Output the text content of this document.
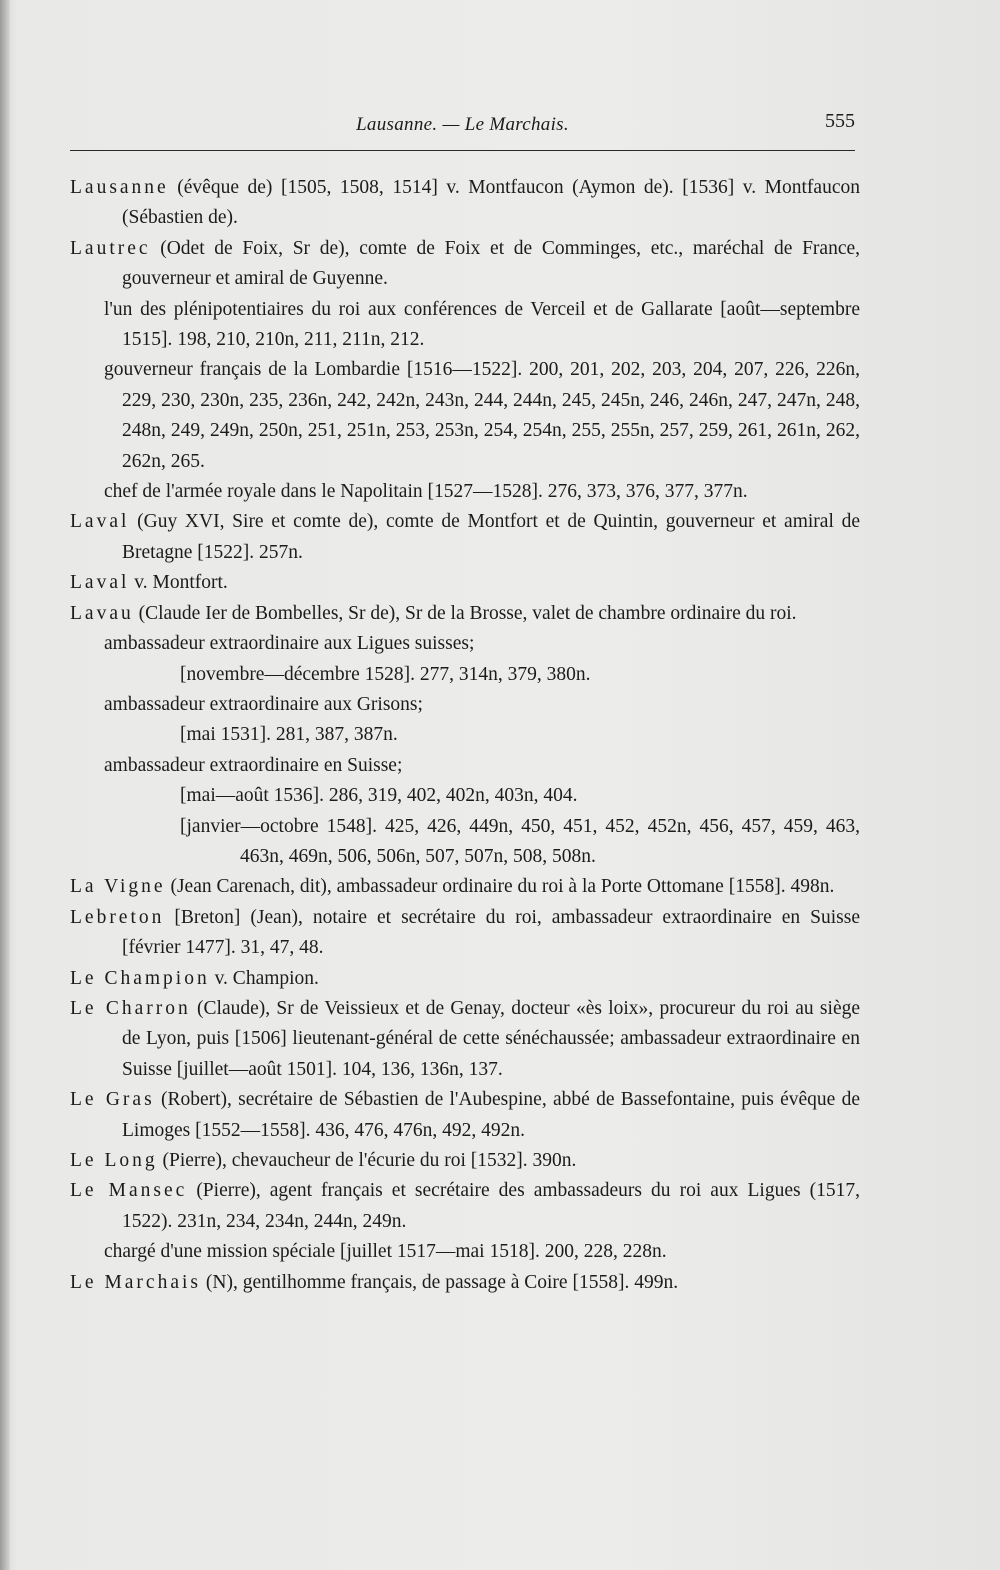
Lausanne. — Le Marchais.	555

Lausanne (évêque de) [1505, 1508, 1514] v. Montfaucon (Aymon de). [1536] v. Montfaucon (Sébastien de).

Lautrec (Odet de Foix, Sr de), comte de Foix et de Comminges, etc., maréchal de France, gouverneur et amiral de Guyenne.

l'un des plénipotentiaires du roi aux conférences de Verceil et de Gallarate [août—septembre 1515]. 198, 210, 210n, 211, 211n, 212.

gouverneur français de la Lombardie [1516—1522]. 200, 201, 202, 203, 204, 207, 226, 226n, 229, 230, 230n, 235, 236n, 242, 242n, 243n, 244, 244n, 245, 245n, 246, 246n, 247, 247n, 248, 248n, 249, 249n, 250n, 251, 251n, 253, 253n, 254, 254n, 255, 255n, 257, 259, 261, 261n, 262, 262n, 265.

chef de l'armée royale dans le Napolitain [1527—1528]. 276, 373, 376, 377, 377n.

Laval (Guy XVI, Sire et comte de), comte de Montfort et de Quintin, gouverneur et amiral de Bretagne [1522]. 257n.

Laval v. Montfort.

Lavau (Claude Ier de Bombelles, Sr de), Sr de la Brosse, valet de chambre ordinaire du roi.

ambassadeur extraordinaire aux Ligues suisses;

[novembre—décembre 1528]. 277, 314n, 379, 380n.

ambassadeur extraordinaire aux Grisons;

[mai 1531]. 281, 387, 387n.

ambassadeur extraordinaire en Suisse;

[mai—août 1536]. 286, 319, 402, 402n, 403n, 404.

[janvier—octobre 1548]. 425, 426, 449n, 450, 451, 452, 452n, 456, 457, 459, 463, 463n, 469n, 506, 506n, 507, 507n, 508, 508n.

La Vigne (Jean Carenach, dit), ambassadeur ordinaire du roi à la Porte Ottomane [1558]. 498n.

Lebreton [Breton] (Jean), notaire et secrétaire du roi, ambassadeur extraordinaire en Suisse [février 1477]. 31, 47, 48.

Le Champion v. Champion.

Le Charron (Claude), Sr de Veissieux et de Genay, docteur «ès loix», procureur du roi au siège de Lyon, puis [1506] lieutenant-général de cette sénéchaussée; ambassadeur extraordinaire en Suisse [juillet—août 1501]. 104, 136, 136n, 137.

Le Gras (Robert), secrétaire de Sébastien de l'Aubespine, abbé de Bassefontaine, puis évêque de Limoges [1552—1558]. 436, 476, 476n, 492, 492n.

Le Long (Pierre), chevaucheur de l'écurie du roi [1532]. 390n.

Le Mansec (Pierre), agent français et secrétaire des ambassadeurs du roi aux Ligues (1517, 1522). 231n, 234, 234n, 244n, 249n.

chargé d'une mission spéciale [juillet 1517—mai 1518]. 200, 228, 228n.

Le Marchais (N), gentilhomme français, de passage à Coire [1558]. 499n.
